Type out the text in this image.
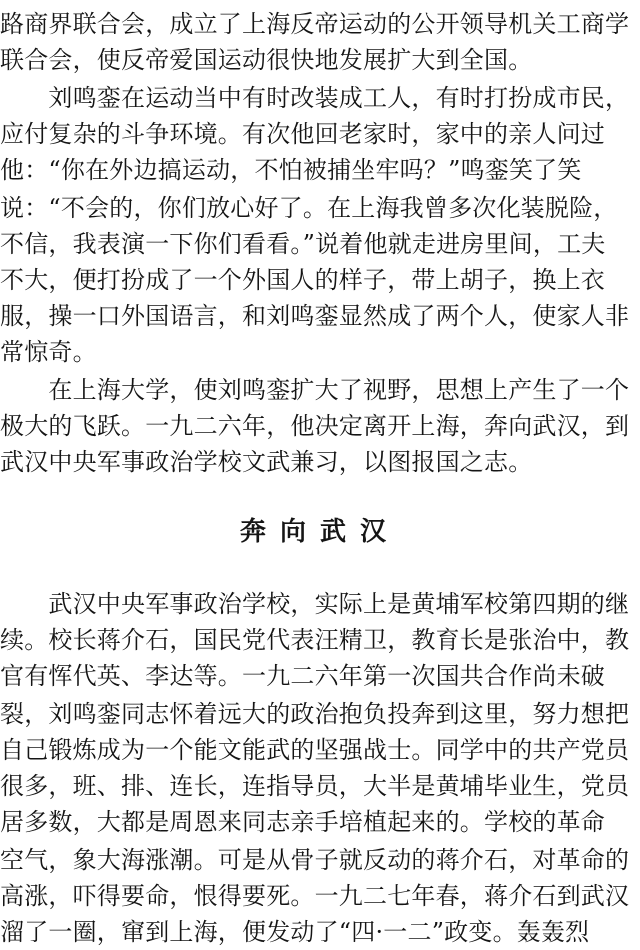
路商界联合会，成立了上海反帝运动的公开领导机关工商学
联合会，使反帝爱国运动很快地发展扩大到全国。
　　刘鸣銮在运动当中有时改装成工人，有时打扮成市民，
应付复杂的斗争环境。有次他回老家时，家中的亲人问过
他：“你在外边搞运动，不怕被捕坐牢吗？”鸣銮笑了笑
说：“不会的，你们放心好了。在上海我曾多次化装脱险，
不信，我表演一下你们看看。”说着他就走进房里间，工夫
不大，便打扮成了一个外国人的样子，带上胡子，换上衣
服，操一口外国语言，和刘鸣銮显然成了两个人，使家人非
常惊奇。
　　在上海大学，使刘鸣銮扩大了视野，思想上产生了一个
极大的飞跃。一九二六年，他决定离开上海，奔向武汉，到
武汉中央军事政治学校文武兼习，以图报国之志。
奔向武汉
　　武汉中央军事政治学校，实际上是黄埔军校第四期的继
续。校长蒋介石，国民党代表汪精卫，教育长是张治中，教
官有恽代英、李达等。一九二六年第一次国共合作尚未破
裂，刘鸣銮同志怀着远大的政治抱负投奔到这里，努力想把
自己锻炼成为一个能文能武的坚强战士。同学中的共产党员
很多，班、排、连长，连指导员，大半是黄埔毕业生，党员
居多数，大都是周恩来同志亲手培植起来的。学校的革命
空气，象大海涨潮。可是从骨子就反动的蒋介石，对革命的
高涨，吓得要命，恨得要死。一九二七年春，蒋介石到武汉
溜了一圈，窜到上海，便发动了“四·一二”政变。轰轰烈
